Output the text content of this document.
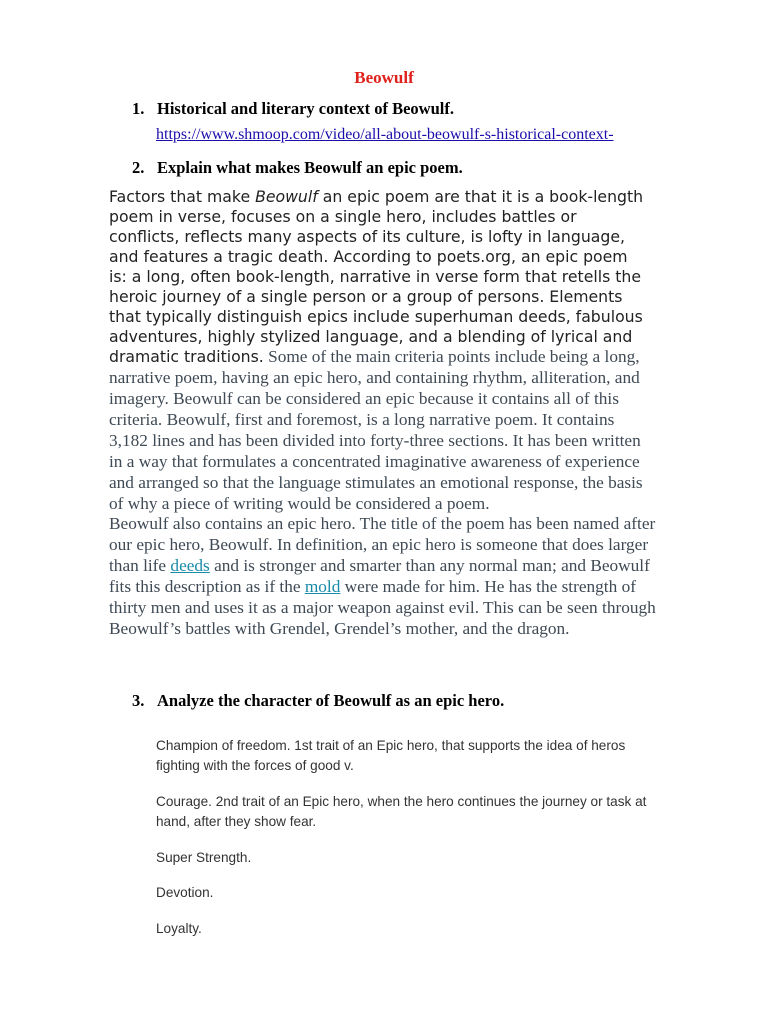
Beowulf
1. Historical and literary context of Beowulf.
https://www.shmoop.com/video/all-about-beowulf-s-historical-context-
2. Explain what makes Beowulf an epic poem.
Factors that make Beowulf an epic poem are that it is a book-length
poem in verse, focuses on a single hero, includes battles or
conflicts, reflects many aspects of its culture, is lofty in language,
and features a tragic death. According to poets.org, an epic poem
is: a long, often book-length, narrative in verse form that retells the
heroic journey of a single person or a group of persons. Elements
that typically distinguish epics include superhuman deeds, fabulous
adventures, highly stylized language, and a blending of lyrical and
dramatic traditions. Some of the main criteria points include being a long,
narrative poem, having an epic hero, and containing rhythm, alliteration, and
imagery. Beowulf can be considered an epic because it contains all of this
criteria. Beowulf, first and foremost, is a long narrative poem. It contains
3,182 lines and has been divided into forty-three sections. It has been written
in a way that formulates a concentrated imaginative awareness of experience
and arranged so that the language stimulates an emotional response, the basis
of why a piece of writing would be considered a poem.
Beowulf also contains an epic hero. The title of the poem has been named after
our epic hero, Beowulf. In definition, an epic hero is someone that does larger
than life deeds and is stronger and smarter than any normal man; and Beowulf
fits this description as if the mold were made for him. He has the strength of
thirty men and uses it as a major weapon against evil. This can be seen through
Beowulf’s battles with Grendel, Grendel’s mother, and the dragon.
3. Analyze the character of Beowulf as an epic hero.
Champion of freedom. 1st trait of an Epic hero, that supports the idea of heros
fighting with the forces of good v.
Courage. 2nd trait of an Epic hero, when the hero continues the journey or task at
hand, after they show fear.
Super Strength.
Devotion.
Loyalty.
